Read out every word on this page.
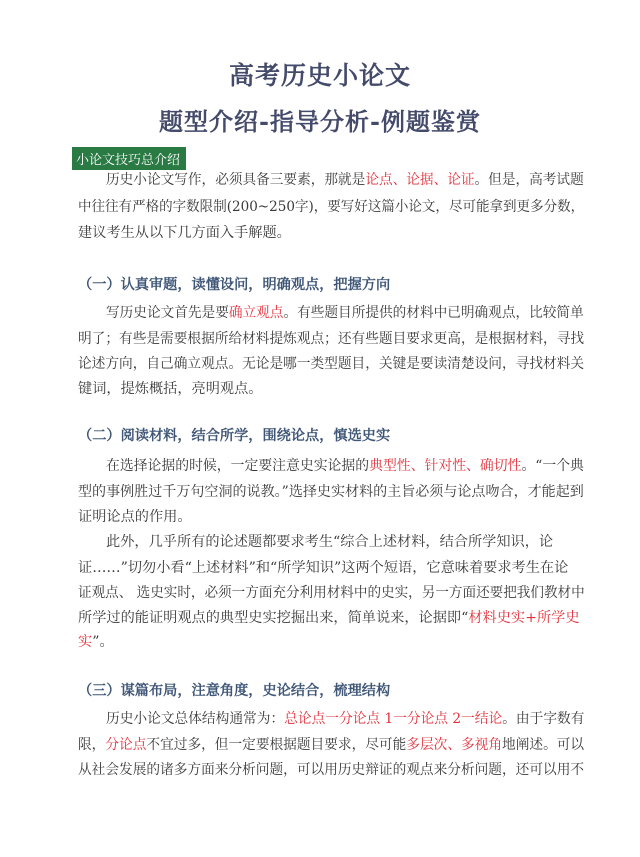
高考历史小论文
题型介绍-指导分析-例题鉴赏
小论文技巧总介绍
历史小论文写作，必须具备三要素，那就是论点、论据、论证。但是，高考试题
中往往有严格的字数限制(200~250字)，要写好这篇小论文，尽可能拿到更多分数，
建议考生从以下几方面入手解题。
（一）认真审题，读懂设问，明确观点，把握方向
写历史论文首先是要确立观点。有些题目所提供的材料中已明确观点，比较简单
明了；有些是需要根据所给材料提炼观点；还有些题目要求更高，是根据材料，寻找
论述方向，自己确立观点。无论是哪一类型题目，关键是要读清楚设问，寻找材料关
键词，提炼概括，亮明观点。
（二）阅读材料，结合所学，围绕论点，慎选史实
在选择论据的时候，一定要注意史实论据的典型性、针对性、确切性。“一个典
型的事例胜过千万句空洞的说教。”选择史实材料的主旨必须与论点吻合，才能起到
证明论点的作用。
此外，几乎所有的论述题都要求考生“综合上述材料，结合所学知识，论
证……”切勿小看“上述材料”和“所学知识”这两个短语，它意味着要求考生在论
证观点、 选史实时，必须一方面充分利用材料中的史实，另一方面还要把我们教材中
所学过的能证明观点的典型史实挖掘出来，简单说来，论据即“材料史实+所学史
实”。
（三）谋篇布局，注意角度，史论结合，梳理结构
历史小论文总体结构通常为：总论点一分论点 1一分论点 2一结论。由于字数有
限，分论点不宜过多，但一定要根据题目要求，尽可能多层次、多视角地阐述。可以
从社会发展的诸多方面来分析问题，可以用历史辩证的观点来分析问题，还可以用不
